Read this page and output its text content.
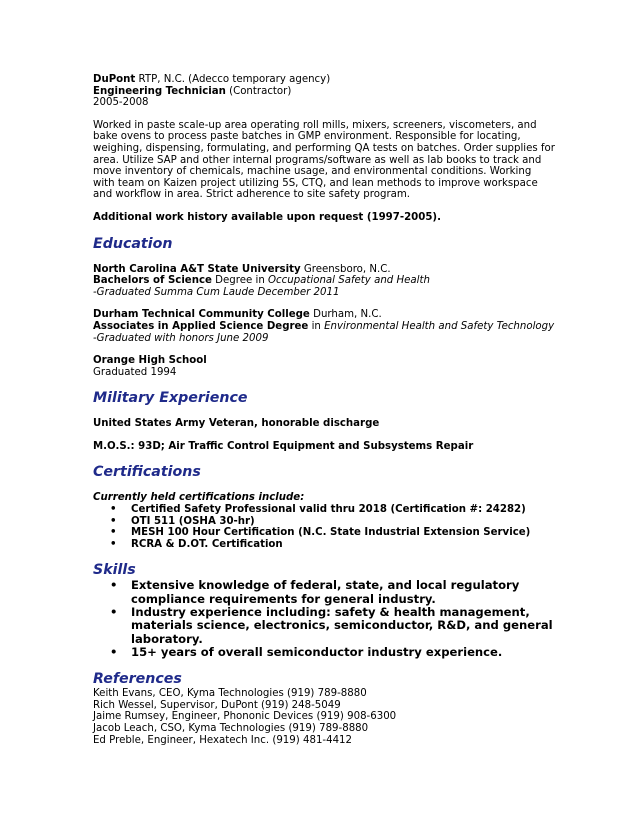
DuPont RTP, N.C. (Adecco temporary agency)
Engineering Technician (Contractor)
2005-2008

Worked in paste scale-up area operating roll mills, mixers, screeners, viscometers, and bake ovens to process paste batches in GMP environment. Responsible for locating, weighing, dispensing, formulating, and performing QA tests on batches. Order supplies for area. Utilize SAP and other internal programs/software as well as lab books to track and move inventory of chemicals, machine usage, and environmental conditions. Working with team on Kaizen project utilizing 5S, CTQ, and lean methods to improve workspace and workflow in area. Strict adherence to site safety program.

Additional work history available upon request (1997-2005).
Education
North Carolina A&T State University Greensboro, N.C.
Bachelors of Science Degree in Occupational Safety and Health
-Graduated Summa Cum Laude December 2011
Durham Technical Community College Durham, N.C.
Associates in Applied Science Degree in Environmental Health and Safety Technology
-Graduated with honors June 2009
Orange High School
Graduated 1994
Military Experience
United States Army Veteran, honorable discharge
M.O.S.: 93D; Air Traffic Control Equipment and Subsystems Repair
Certifications
Currently held certifications include:
• Certified Safety Professional valid thru 2018 (Certification #: 24282)
• OTI 511 (OSHA 30-hr)
• MESH 100 Hour Certification (N.C. State Industrial Extension Service)
• RCRA & D.OT. Certification
Skills
• Extensive knowledge of federal, state, and local regulatory compliance requirements for general industry.
• Industry experience including: safety & health management, materials science, electronics, semiconductor, R&D, and general laboratory.
• 15+ years of overall semiconductor industry experience.
References
Keith Evans, CEO, Kyma Technologies (919) 789-8880
Rich Wessel, Supervisor, DuPont (919) 248-5049
Jaime Rumsey, Engineer, Phononic Devices (919) 908-6300
Jacob Leach, CSO, Kyma Technologies (919) 789-8880
Ed Preble, Engineer, Hexatech Inc. (919) 481-4412
